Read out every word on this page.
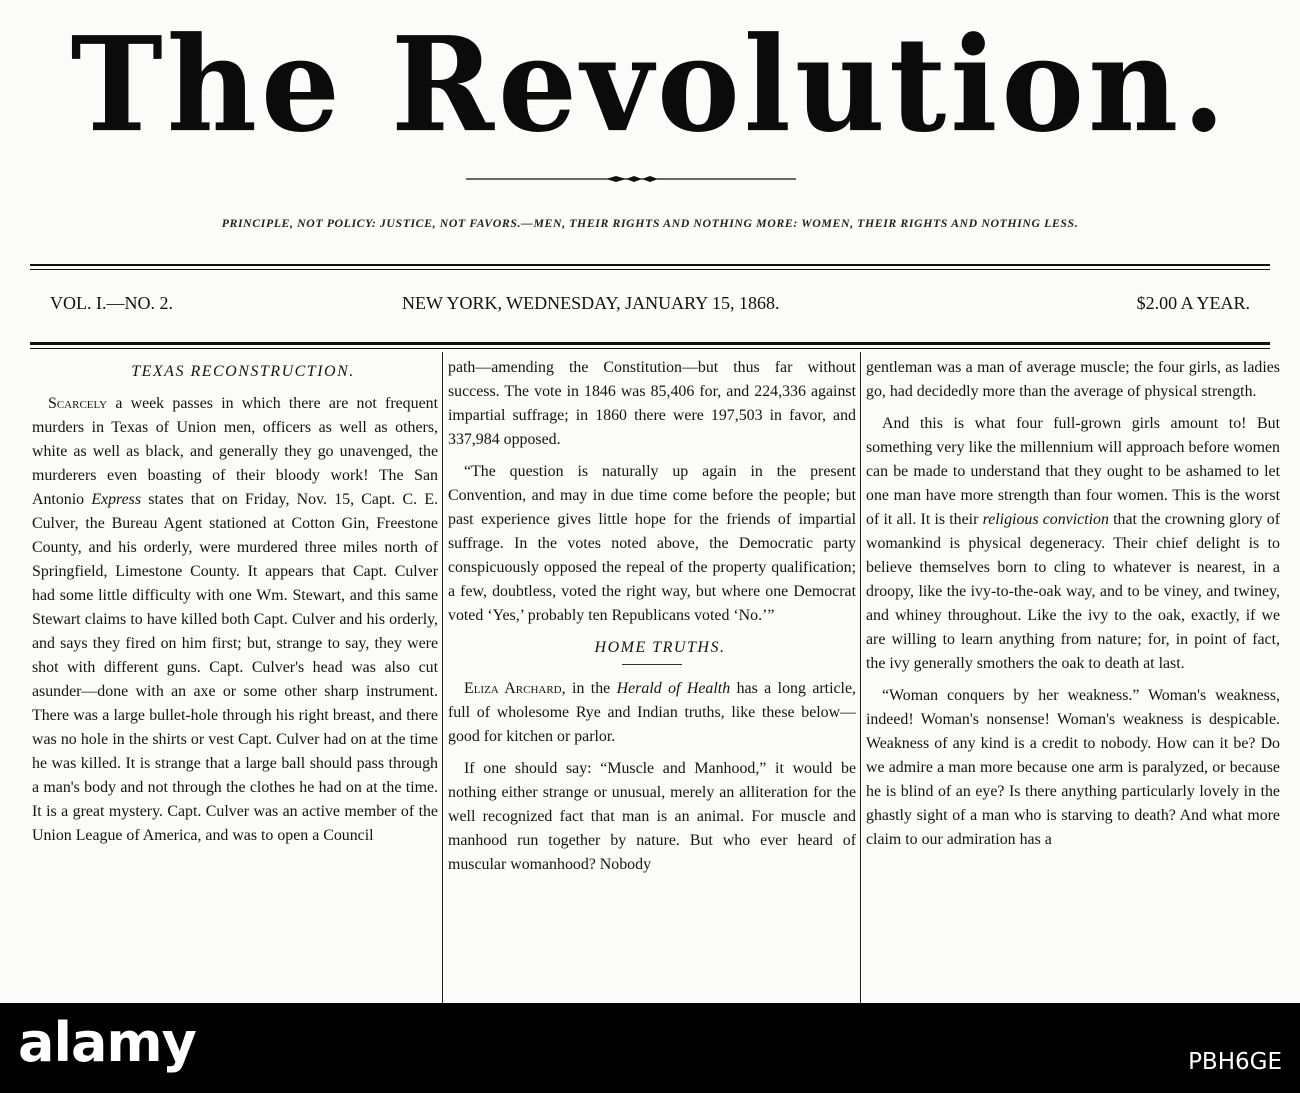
The Revolution.
PRINCIPLE, NOT POLICY: JUSTICE, NOT FAVORS.—MEN, THEIR RIGHTS AND NOTHING MORE: WOMEN, THEIR RIGHTS AND NOTHING LESS.
VOL. I.—NO. 2.	NEW YORK, WEDNESDAY, JANUARY 15, 1868.	$2.00 A YEAR.

TEXAS RECONSTRUCTION.

Scarcely a week passes in which there are not frequent murders in Texas of Union men, officers as well as others, white as well as black, and generally they go unavenged, the murderers even boasting of their bloody work! The San Antonio Express states that on Friday, Nov. 15, Capt. C. E. Culver, the Bureau Agent stationed at Cotton Gin, Freestone County, and his orderly, were murdered three miles north of Springfield, Limestone County. It appears that Capt. Culver had some little difficulty with one Wm. Stewart, and this same Stewart claims to have killed both Capt. Culver and his orderly, and says they fired on him first; but, strange to say, they were shot with different guns. Capt. Culver's head was also cut asunder—done with an axe or some other sharp instrument. There was a large bullet-hole through his right breast, and there was no hole in the shirts or vest Capt. Culver had on at the time he was killed. It is strange that a large ball should pass through a man's body and not through the clothes he had on at the time. It is a great mystery. Capt. Culver was an active member of the Union League of America, and was to open a Council

path—amending the Constitution—but thus far without success. The vote in 1846 was 85,406 for, and 224,336 against impartial suffrage; in 1860 there were 197,503 in favor, and 337,984 opposed.

“The question is naturally up again in the present Convention, and may in due time come before the people; but past experience gives little hope for the friends of impartial suffrage. In the votes noted above, the Democratic party conspicuously opposed the repeal of the property qualification; a few, doubtless, voted the right way, but where one Democrat voted ‘Yes,’ probably ten Republicans voted ‘No.’”

HOME TRUTHS.

Eliza Archard, in the Herald of Health has a long article, full of wholesome Rye and Indian truths, like these below—good for kitchen or parlor.

If one should say: “Muscle and Manhood,” it would be nothing either strange or unusual, merely an alliteration for the well recognized fact that man is an animal. For muscle and manhood run together by nature. But who ever heard of muscular womanhood? Nobody

gentleman was a man of average muscle; the four girls, as ladies go, had decidedly more than the average of physical strength.

And this is what four full-grown girls amount to! But something very like the millennium will approach before women can be made to understand that they ought to be ashamed to let one man have more strength than four women. This is the worst of it all. It is their religious conviction that the crowning glory of womankind is physical degeneracy. Their chief delight is to believe themselves born to cling to whatever is nearest, in a droopy, like the ivy-to-the-oak way, and to be viney, and twiney, and whiney throughout. Like the ivy to the oak, exactly, if we are willing to learn anything from nature; for, in point of fact, the ivy generally smothers the oak to death at last.

“Woman conquers by her weakness.” Woman's weakness, indeed! Woman's nonsense! Woman's weakness is despicable. Weakness of any kind is a credit to nobody. How can it be? Do we admire a man more because one arm is paralyzed, or because he is blind of an eye? Is there anything particularly lovely in the ghastly sight of a man who is starving to death? And what more claim to our admiration has a

alamy	PBH6GE
